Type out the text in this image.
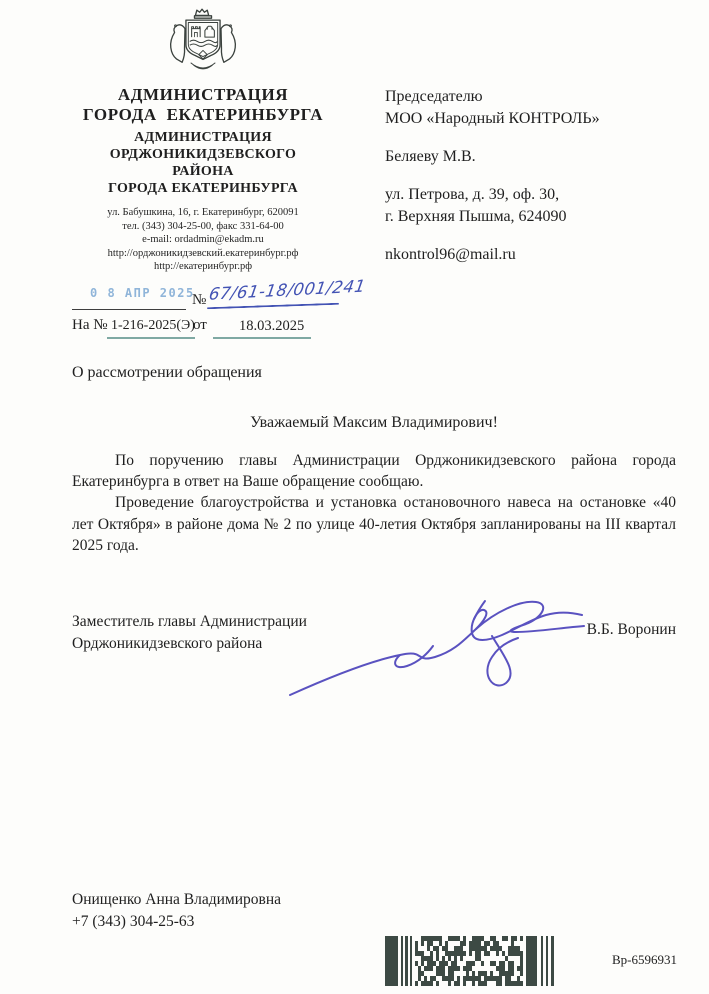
АДМИНИСТРАЦИЯ
ГОРОДА ЕКАТЕРИНБУРГА
АДМИНИСТРАЦИЯ
ОРДЖОНИКИДЗЕВСКОГО
РАЙОНА
ГОРОДА ЕКАТЕРИНБУРГА
ул. Бабушкина, 16, г. Екатеринбург, 620091
тел. (343) 304-25-00, факс 331-64-00
e-mail: ordadmin@ekadm.ru
http://орджоникидзевский.екатеринбург.рф
http://екатеринбург.рф
0 8 АПР 2025
№ 67/61-18/001/241
На № 1-216-2025(Э)
от 18.03.2025
Председателю
МОО «Народный КОНТРОЛЬ»
Беляеву М.В.
ул. Петрова, д. 39, оф. 30,
г. Верхняя Пышма, 624090
nkontrol96@mail.ru
О рассмотрении обращения
Уважаемый Максим Владимирович!

По поручению главы Администрации Орджоникидзевского района города Екатеринбурга в ответ на Ваше обращение сообщаю.

Проведение благоустройства и установка остановочного навеса на остановке «40 лет Октября» в районе дома № 2 по улице 40-летия Октября запланированы на III квартал 2025 года.

Заместитель главы Администрации
Орджоникидзевского района
В.Б. Воронин
Онищенко Анна Владимировна
+7 (343) 304-25-63
Вр-6596931
